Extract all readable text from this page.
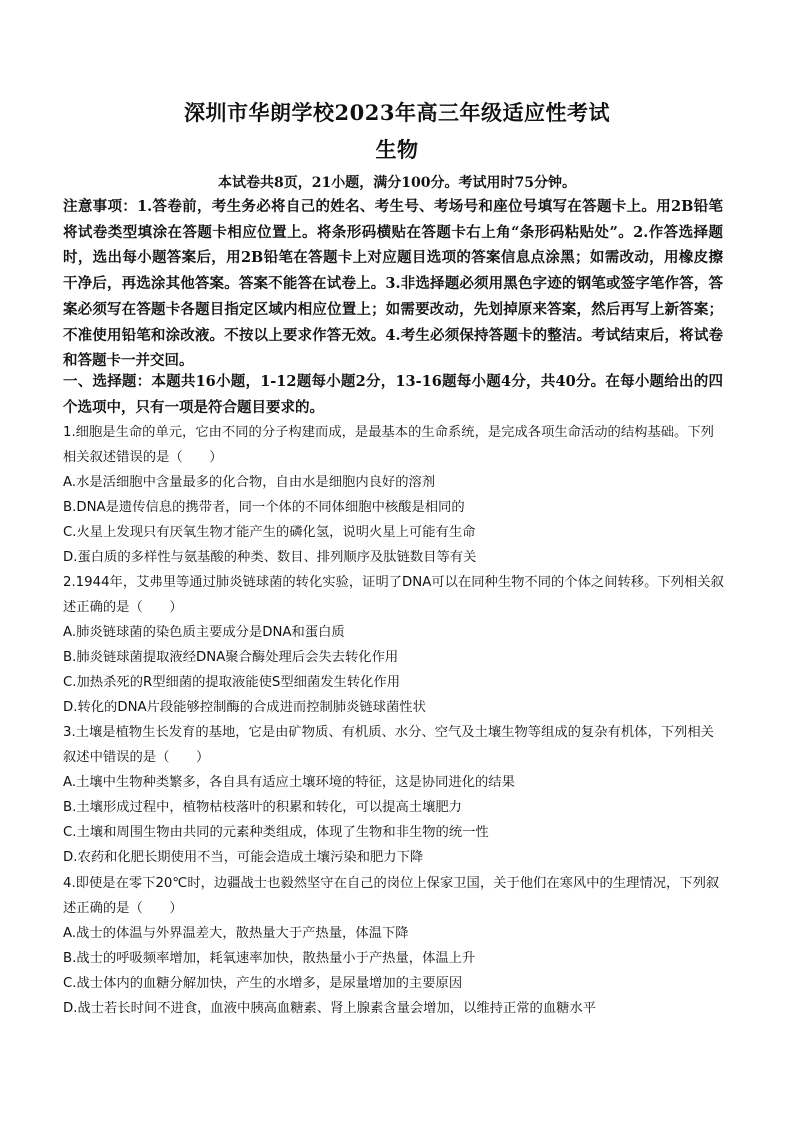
深圳市华朗学校2023年高三年级适应性考试
生物
本试卷共8页，21小题，满分100分。考试用时75分钟。

注意事项：1.答卷前，考生务必将自己的姓名、考生号、考场号和座位号填写在答题卡上。用2B铅笔将试卷类型填涂在答题卡相应位置上。将条形码横贴在答题卡右上角“条形码粘贴处”。2.作答选择题时，选出每小题答案后，用2B铅笔在答题卡上对应题目选项的答案信息点涂黑；如需改动，用橡皮擦干净后，再选涂其他答案。答案不能答在试卷上。3.非选择题必须用黑色字迹的钢笔或签字笔作答，答案必须写在答题卡各题目指定区域内相应位置上；如需要改动，先划掉原来答案，然后再写上新答案；不准使用铅笔和涂改液。不按以上要求作答无效。4.考生必须保持答题卡的整洁。考试结束后，将试卷和答题卡一并交回。

一、选择题：本题共16小题，1-12题每小题2分，13-16题每小题4分，共40分。在每小题给出的四个选项中，只有一项是符合题目要求的。

1.细胞是生命的单元，它由不同的分子构建而成，是最基本的生命系统，是完成各项生命活动的结构基础。下列相关叙述错误的是（　　）

A.水是活细胞中含量最多的化合物，自由水是细胞内良好的溶剂

B.DNA是遗传信息的携带者，同一个体的不同体细胞中核酸是相同的

C.火星上发现只有厌氧生物才能产生的磷化氢，说明火星上可能有生命

D.蛋白质的多样性与氨基酸的种类、数目、排列顺序及肽链数目等有关

2.1944年，艾弗里等通过肺炎链球菌的转化实验，证明了DNA可以在同种生物不同的个体之间转移。下列相关叙述正确的是（　　）

A.肺炎链球菌的染色质主要成分是DNA和蛋白质

B.肺炎链球菌提取液经DNA聚合酶处理后会失去转化作用

C.加热杀死的R型细菌的提取液能使S型细菌发生转化作用

D.转化的DNA片段能够控制酶的合成进而控制肺炎链球菌性状

3.土壤是植物生长发育的基地，它是由矿物质、有机质、水分、空气及土壤生物等组成的复杂有机体，下列相关叙述中错误的是（　　）

A.土壤中生物种类繁多，各自具有适应土壤环境的特征，这是协同进化的结果

B.土壤形成过程中，植物枯枝落叶的积累和转化，可以提高土壤肥力

C.土壤和周围生物由共同的元素种类组成，体现了生物和非生物的统一性

D.农药和化肥长期使用不当，可能会造成土壤污染和肥力下降

4.即使是在零下20℃时，边疆战士也毅然坚守在自己的岗位上保家卫国，关于他们在寒风中的生理情况，下列叙述正确的是（　　）

A.战士的体温与外界温差大，散热量大于产热量，体温下降

B.战士的呼吸频率增加，耗氧速率加快，散热量小于产热量，体温上升

C.战士体内的血糖分解加快，产生的水增多，是尿量增加的主要原因

D.战士若长时间不进食，血液中胰高血糖素、肾上腺素含量会增加，以维持正常的血糖水平
